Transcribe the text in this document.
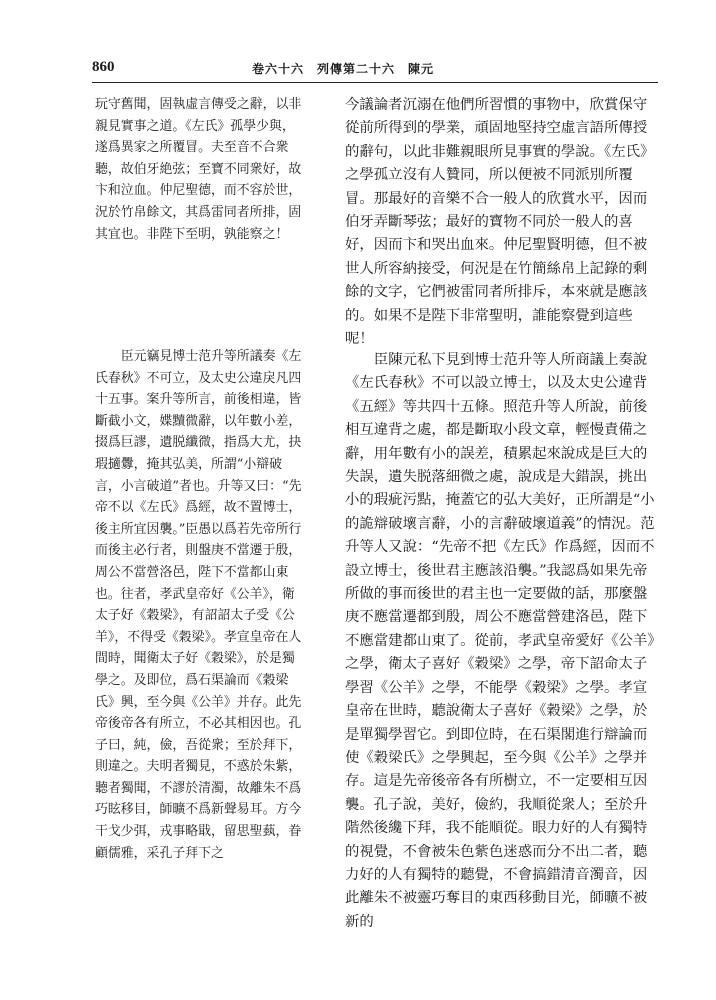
860	卷六十六　列傳第二十六　陳元

玩守舊聞，固執虛言傳受之辭，以非親見實事之道。《左氏》孤學少與，遂爲異家之所覆冒。夫至音不合衆聽，故伯牙絶弦；至寶不同衆好，故卞和泣血。仲尼聖德，而不容於世，況於竹帛餘文，其爲雷同者所排，固其宜也。非陛下至明，孰能察之！

臣元竊見博士范升等所議奏《左氏春秋》不可立，及太史公違戾凡四十五事。案升等所言，前後相違，皆斷截小文，媟黷微辭，以年數小差，掇爲巨謬，遺脱纖微，指爲大尤，抉瑕擿釁，掩其弘美，所謂“小辯破言，小言破道”者也。升等又曰：“先帝不以《左氏》爲經，故不置博士，後主所宜因襲。”臣愚以爲若先帝所行而後主必行者，則盤庚不當遷于殷，周公不當營洛邑，陛下不當都山東也。往者，孝武皇帝好《公羊》，衛太子好《穀梁》，有詔詔太子受《公羊》，不得受《穀梁》。孝宣皇帝在人間時，聞衛太子好《穀梁》，於是獨學之。及即位，爲石渠論而《穀梁氏》興，至今與《公羊》并存。此先帝後帝各有所立，不必其相因也。孔子曰，純，儉，吾從衆；至於拜下，則違之。夫明者獨見，不惑於朱紫，聽者獨聞，不謬於清濁，故離朱不爲巧眩移目，師曠不爲新聲易耳。方今干戈少弭，戎事略戢，留思聖蓺，眷顧儒雅，采孔子拜下之

今議論者沉溺在他們所習慣的事物中，欣賞保守從前所得到的學業，頑固地堅持空虛言語所傳授的辭句，以此非難親眼所見事實的學說。《左氏》之學孤立沒有人贊同，所以便被不同派別所覆冒。那最好的音樂不合一般人的欣賞水平，因而伯牙弄斷琴弦；最好的寶物不同於一般人的喜好，因而卞和哭出血來。仲尼聖賢明德，但不被世人所容納接受，何況是在竹簡絲帛上記錄的剩餘的文字，它們被雷同者所排斥，本來就是應該的。如果不是陛下非常聖明，誰能察覺到這些呢！

臣陳元私下見到博士范升等人所商議上奏說《左氏春秋》不可以設立博士，以及太史公違背《五經》等共四十五條。照范升等人所說，前後相互違背之處，都是斷取小段文章，輕慢責備之辭，用年數有小的誤差，積累起來說成是巨大的失誤，遺失脱落細微之處，說成是大錯誤，挑出小的瑕疵污點，掩蓋它的弘大美好，正所謂是“小的詭辯破壞言辭，小的言辭破壞道義”的情況。范升等人又說：“先帝不把《左氏》作爲經，因而不設立博士，後世君主應該沿襲。”我認爲如果先帝所做的事而後世的君主也一定要做的話，那麼盤庚不應當遷都到殷，周公不應當營建洛邑，陛下不應當建都山東了。從前，孝武皇帝愛好《公羊》之學，衛太子喜好《穀梁》之學，帝下詔命太子學習《公羊》之學，不能學《穀梁》之學。孝宣皇帝在世時，聽說衛太子喜好《穀梁》之學，於是單獨學習它。到即位時，在石渠閣進行辯論而使《穀梁氏》之學興起，至今與《公羊》之學并存。這是先帝後帝各有所樹立，不一定要相互因襲。孔子說，美好，儉約，我順從衆人；至於升階然後纔下拜，我不能順從。眼力好的人有獨特的視覺，不會被朱色紫色迷惑而分不出二者，聽力好的人有獨特的聽覺，不會搞錯清音濁音，因此離朱不被靈巧奪目的東西移動目光，師曠不被新的
